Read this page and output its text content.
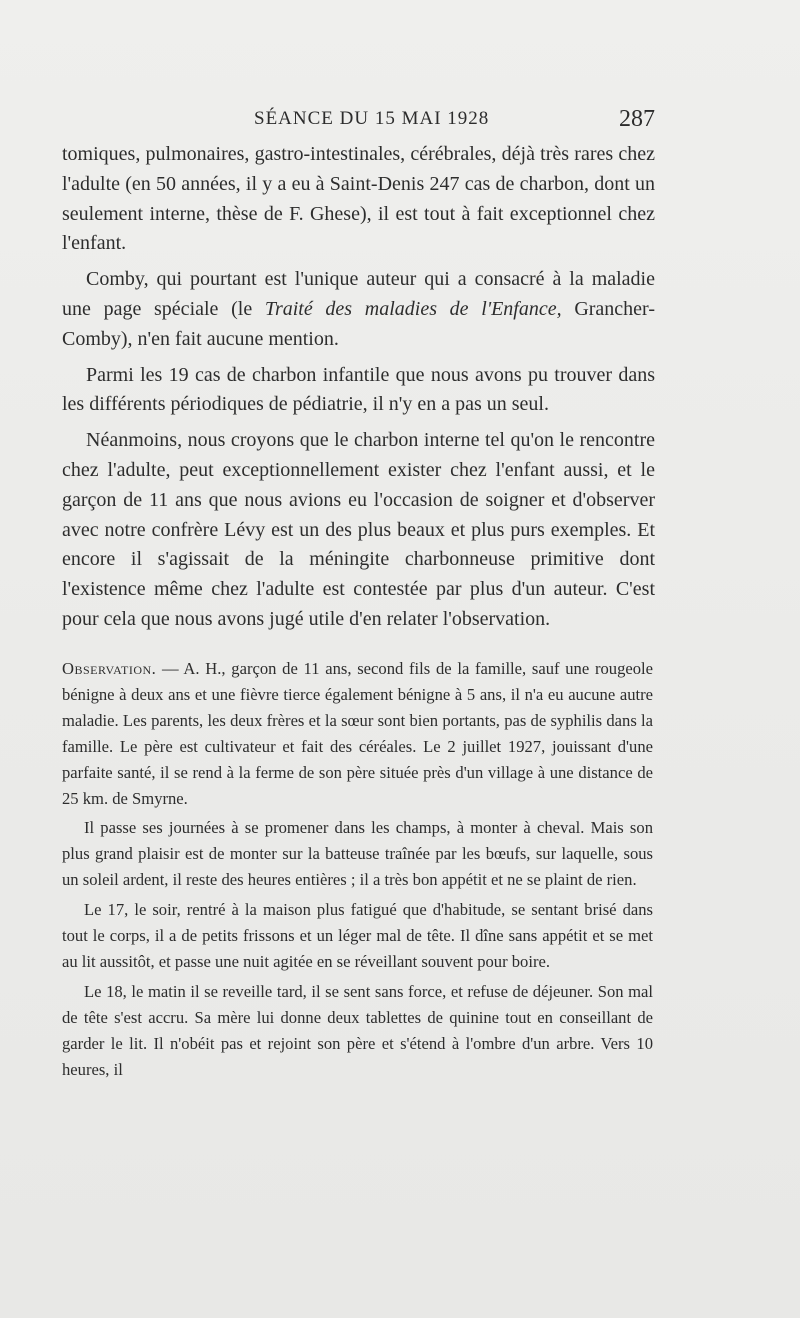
SÉANCE DU 15 MAI 1928	287

tomiques, pulmonaires, gastro-intestinales, cérébrales, déjà très rares chez l'adulte (en 50 années, il y a eu à Saint-Denis 247 cas de charbon, dont un seulement interne, thèse de F. Ghese), il est tout à fait exceptionnel chez l'enfant.

Comby, qui pourtant est l'unique auteur qui a consacré à la maladie une page spéciale (le Traité des maladies de l'Enfance, Grancher-Comby), n'en fait aucune mention.

Parmi les 19 cas de charbon infantile que nous avons pu trouver dans les différents périodiques de pédiatrie, il n'y en a pas un seul.

Néanmoins, nous croyons que le charbon interne tel qu'on le rencontre chez l'adulte, peut exceptionnellement exister chez l'enfant aussi, et le garçon de 11 ans que nous avions eu l'occasion de soigner et d'observer avec notre confrère Lévy est un des plus beaux et plus purs exemples. Et encore il s'agissait de la méningite charbonneuse primitive dont l'existence même chez l'adulte est contestée par plus d'un auteur. C'est pour cela que nous avons jugé utile d'en relater l'observation.

Observation. — A. H., garçon de 11 ans, second fils de la famille, sauf une rougeole bénigne à deux ans et une fièvre tierce également bénigne à 5 ans, il n'a eu aucune autre maladie. Les parents, les deux frères et la sœur sont bien portants, pas de syphilis dans la famille. Le père est cultivateur et fait des céréales. Le 2 juillet 1927, jouissant d'une parfaite santé, il se rend à la ferme de son père située près d'un village à une distance de 25 km. de Smyrne.

Il passe ses journées à se promener dans les champs, à monter à cheval. Mais son plus grand plaisir est de monter sur la batteuse traînée par les bœufs, sur laquelle, sous un soleil ardent, il reste des heures entières ; il a très bon appétit et ne se plaint de rien.

Le 17, le soir, rentré à la maison plus fatigué que d'habitude, se sentant brisé dans tout le corps, il a de petits frissons et un léger mal de tête. Il dîne sans appétit et se met au lit aussitôt, et passe une nuit agitée en se réveillant souvent pour boire.

Le 18, le matin il se reveille tard, il se sent sans force, et refuse de déjeuner. Son mal de tête s'est accru. Sa mère lui donne deux tablettes de quinine tout en conseillant de garder le lit. Il n'obéit pas et rejoint son père et s'étend à l'ombre d'un arbre. Vers 10 heures, il
